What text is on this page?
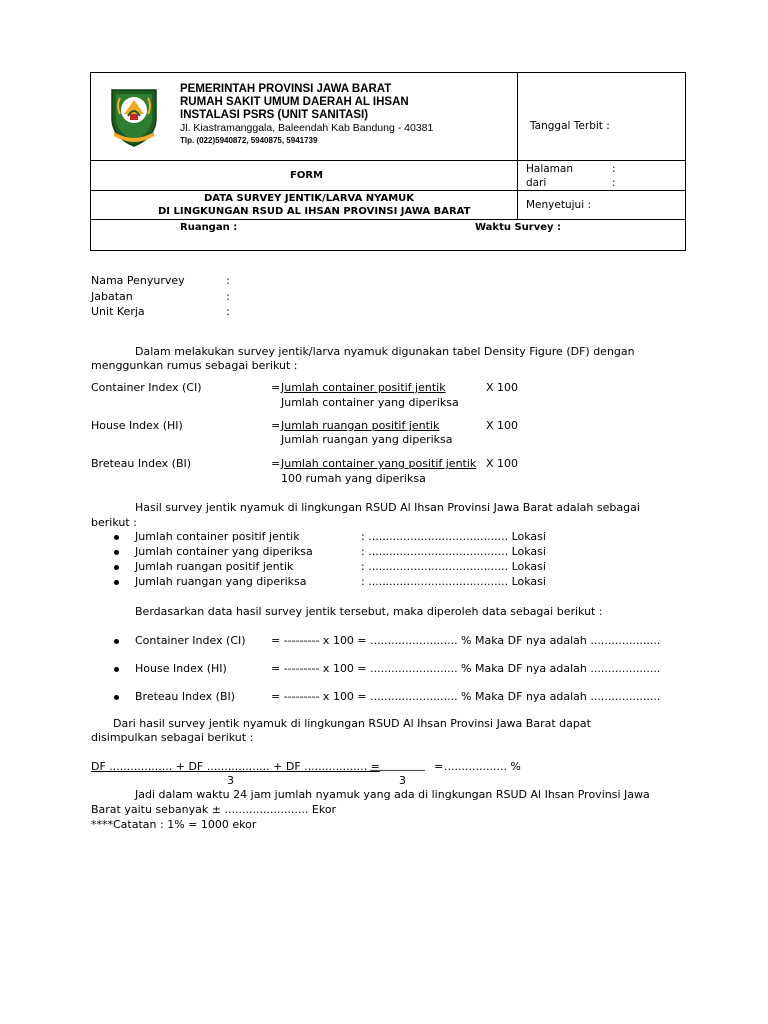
PEMERINTAH PROVINSI JAWA BARAT
RUMAH SAKIT UMUM DAERAH AL IHSAN
INSTALASI PSRS (UNIT SANITASI)
Jl. Kiastramanggala, Baleendah Kab Bandung - 40381
Tlp. (022)5940872, 5940875, 5941739
Tanggal Terbit :
FORM
Halaman	:
dari	:
DATA SURVEY JENTIK/LARVA NYAMUK
DI LINGKUNGAN RSUD AL IHSAN PROVINSI JAWA BARAT
Menyetujui :
Ruangan :	Waktu Survey :
Nama Penyurvey	:
Jabatan	:
Unit Kerja	:
Dalam melakukan survey jentik/larva nyamuk digunakan tabel Density Figure (DF) dengan
menggunkan rumus sebagai berikut :
Container Index (CI)	= Jumlah container positif jentik	X 100
Jumlah container yang diperiksa
House Index (HI)	= Jumlah ruangan positif jentik	X 100
Jumlah ruangan yang diperiksa
Breteau Index (BI)	= Jumlah container yang positif jentik X 100
100 rumah yang diperiksa
Hasil survey jentik nyamuk di lingkungan RSUD Al Ihsan Provinsi Jawa Barat adalah sebagai
berikut :
Jumlah container positif jentik	: ........................................ Lokasi
Jumlah container yang diperiksa	: ........................................ Lokasi
Jumlah ruangan positif jentik	: ........................................ Lokasi
Jumlah ruangan yang diperiksa	: ........................................ Lokasi
Berdasarkan data hasil survey jentik tersebut, maka diperoleh data sebagai berikut :
Container Index (CI) = --------- x 100 = ......................... % Maka DF nya adalah ....................
House Index (HI)	= --------- x 100 = ......................... % Maka DF nya adalah ....................
Breteau Index (BI)	= --------- x 100 = ......................... % Maka DF nya adalah ....................
Dari hasil survey jentik nyamuk di lingkungan RSUD Al Ihsan Provinsi Jawa Barat dapat
disimpulkan sebagai berikut :
DF .................. + DF .................. + DF .................. =
__________ = .................. %
3	3
Jadi dalam waktu 24 jam jumlah nyamuk yang ada di lingkungan RSUD Al Ihsan Provinsi Jawa
Barat yaitu sebanyak ± ........................ Ekor
****Catatan : 1% = 1000 ekor
